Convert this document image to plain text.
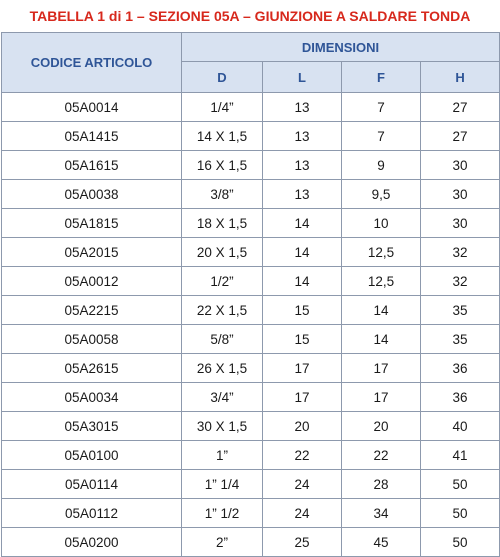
TABELLA 1 di 1 – SEZIONE 05A – GIUNZIONE A SALDARE TONDA
CODICE ARTICOLO	DIMENSIONI			
	D	L	F	H
05A0014	1/4”	13	7	27
05A1415	14 X 1,5	13	7	27
05A1615	16 X 1,5	13	9	30
05A0038	3/8”	13	9,5	30
05A1815	18 X 1,5	14	10	30
05A2015	20 X 1,5	14	12,5	32
05A0012	1/2”	14	12,5	32
05A2215	22 X 1,5	15	14	35
05A0058	5/8”	15	14	35
05A2615	26 X 1,5	17	17	36
05A0034	3/4”	17	17	36
05A3015	30 X 1,5	20	20	40
05A0100	1”	22	22	41
05A0114	1” 1/4	24	28	50
05A0112	1” 1/2	24	34	50
05A0200	2”	25	45	50
